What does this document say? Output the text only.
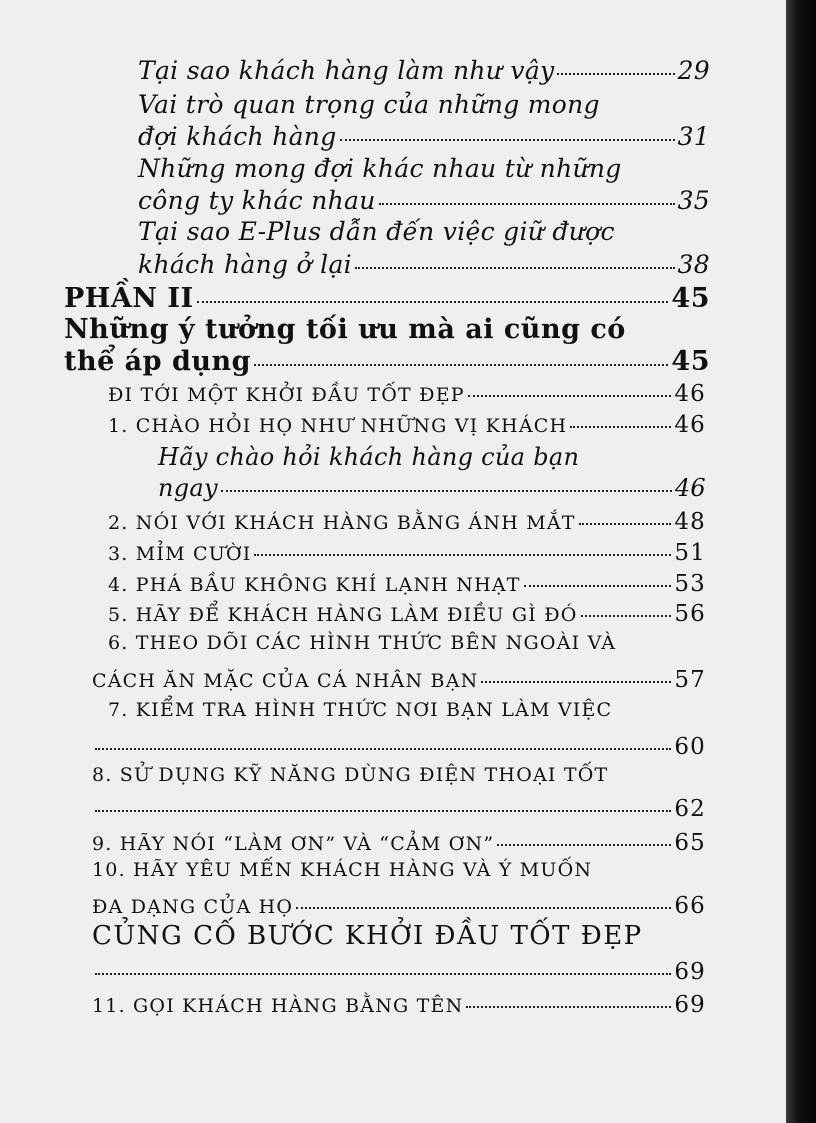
Tại sao khách hàng làm như vậy	29
Vai trò quan trọng của những mong
đợi khách hàng	31
Những mong đợi khác nhau từ những
công ty khác nhau	35
Tại sao E-Plus dẫn đến việc giữ được
khách hàng ở lại	38
PHẦN II	45
Những ý tưởng tối ưu mà ai cũng có
thể áp dụng	45
ĐI TỚI MỘT KHỞI ĐẦU TỐT ĐẸP	46
1. CHÀO HỎI HỌ NHƯ NHỮNG VỊ KHÁCH	46
Hãy chào hỏi khách hàng của bạn
ngay	46
2. NÓI VỚI KHÁCH HÀNG BẰNG ÁNH MẮT	48
3. MỈM CƯỜI	51
4. PHÁ BẦU KHÔNG KHÍ LẠNH NHẠT	53
5. HÃY ĐỂ KHÁCH HÀNG LÀM ĐIỀU GÌ ĐÓ	56
6. THEO DÕI CÁC HÌNH THỨC BÊN NGOÀI VÀ
CÁCH ĂN MẶC CỦA CÁ NHÂN BẠN	57
7. KIỂM TRA HÌNH THỨC NƠI BẠN LÀM VIỆC
60
8. SỬ DỤNG KỸ NĂNG DÙNG ĐIỆN THOẠI TỐT
62
9. HÃY NÓI “LÀM ƠN” VÀ “CẢM ƠN”	65
10. HÃY YÊU MẾN KHÁCH HÀNG VÀ Ý MUỐN
ĐA DẠNG CỦA HỌ	66
CỦNG CỐ BƯỚC KHỞI ĐẦU TỐT ĐẸP
69
11. GỌI KHÁCH HÀNG BẰNG TÊN	69
